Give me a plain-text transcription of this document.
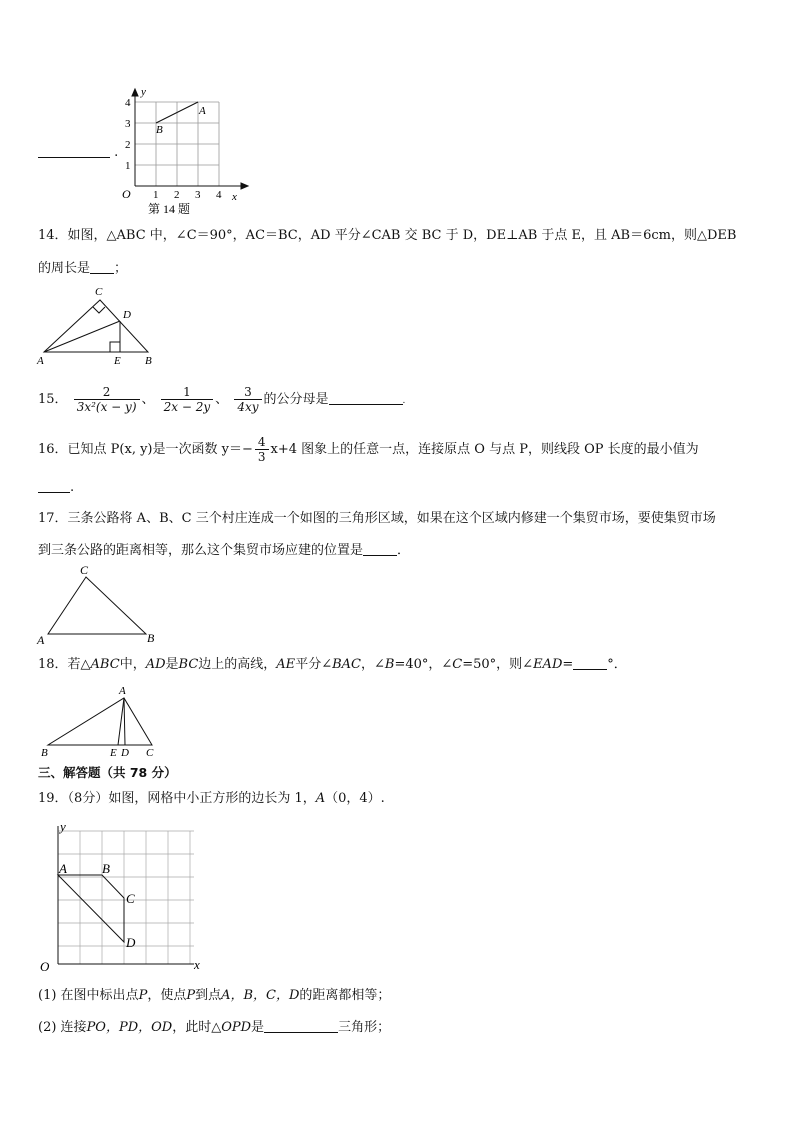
.
y
x
O 1 2 3 4
1
2
3
4
A
B
第 14 题
14．如图，△ABC 中，∠C＝90°，AC＝BC，AD 平分∠CAB 交 BC 于 D，DE⊥AB 于点 E，且 AB＝6cm，则△DEB
的周长是 ；
C
D
A	E B
15． $\frac{2}{\text{3x²(x − y)}}$ 、 $\frac{1}{2x - 2y}$ 、 $\frac{3}{4xy}$ 的公分母是	.
16．已知点 P(x, y)是一次函数 $y=- \frac{4}{3} x+4$ 图象上的任意一点，连接原点 O 与点 P，则线段 OP 长度的最小值为
.
17．三条公路将 A、B、C 三个村庄连成一个如图的三角形区域，如果在这个区域内修建一个集贸市场，要使集贸市场
到三条公路的距离相等，那么这个集贸市场应建的位置是	．
C
A	B
18．若△ABC中，AD是BC边上的高线，AE平分∠BAC，∠B=40°，∠C=50°，则∠EAD=	°．
A
B	E D C
三、解答题（共 78 分）
19．（8分）如图，网格中小正方形的边长为 1，A（0，4）.
y
x
O
A	B
C
D
(1) 在图中标出点P，使点P到点A，B，C，D的距离都相等；
(2) 连接PO，PD，OD，此时△OPD是	三角形；
